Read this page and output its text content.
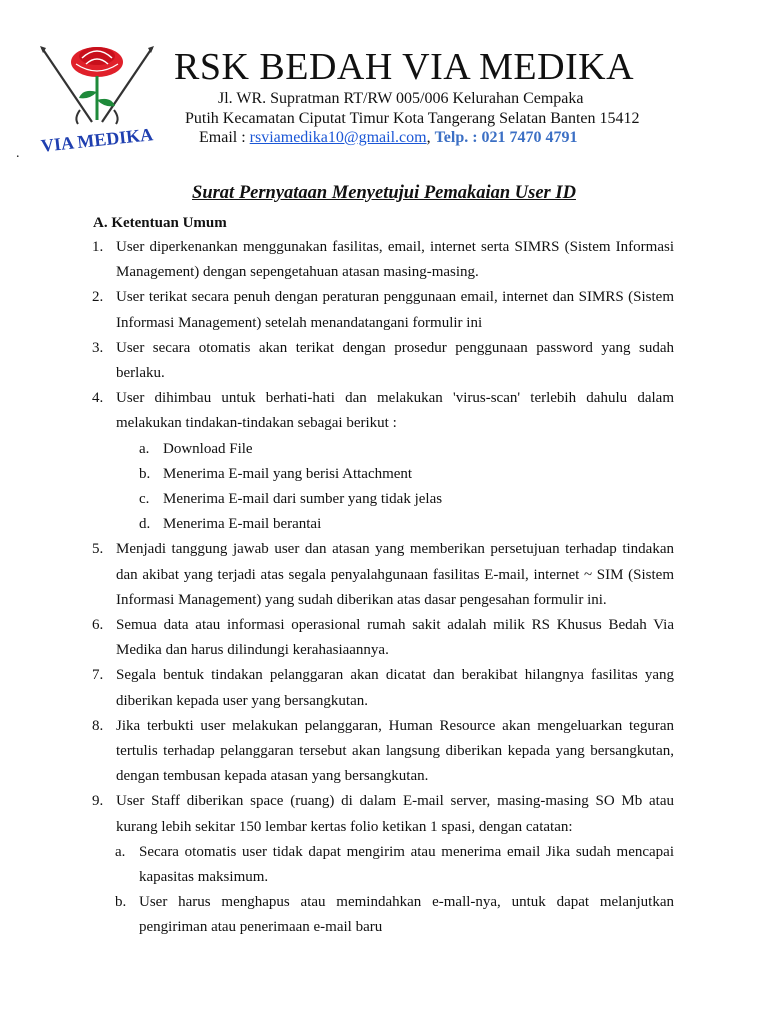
VIA MEDIKA
RSK BEDAH VIA MEDIKA
Jl. WR. Supratman RT/RW 005/006 Kelurahan Cempaka
Putih Kecamatan Ciputat Timur Kota Tangerang Selatan Banten 15412
Email : rsviamedika10@gmail.com, Telp. : 021 7470 4791
.
Surat Pernyataan Menyetujui Pemakaian User ID
A. Ketentuan Umum
1. User diperkenankan menggunakan fasilitas, email, internet serta SIMRS (Sistem Informasi Management) dengan sepengetahuan atasan masing-masing.
2. User terikat secara penuh dengan peraturan penggunaan email, internet dan SIMRS (Sistem Informasi Management) setelah menandatangani formulir ini
3. User secara otomatis akan terikat dengan prosedur penggunaan password yang sudah berlaku.
4. User dihimbau untuk berhati-hati dan melakukan 'virus-scan' terlebih dahulu dalam melakukan tindakan-tindakan sebagai berikut :
a. Download File
b. Menerima E-mail yang berisi Attachment
c. Menerima E-mail dari sumber yang tidak jelas
d. Menerima E-mail berantai
5. Menjadi tanggung jawab user dan atasan yang memberikan persetujuan terhadap tindakan dan akibat yang terjadi atas segala penyalahgunaan fasilitas E-mail, internet ~ SIM (Sistem Informasi Management) yang sudah diberikan atas dasar pengesahan formulir ini.
6. Semua data atau informasi operasional rumah sakit adalah milik RS Khusus Bedah Via Medika dan harus dilindungi kerahasiaannya.
7. Segala bentuk tindakan pelanggaran akan dicatat dan berakibat hilangnya fasilitas yang diberikan kepada user yang bersangkutan.
8. Jika terbukti user melakukan pelanggaran, Human Resource akan mengeluarkan teguran tertulis terhadap pelanggaran tersebut akan langsung diberikan kepada yang bersangkutan, dengan tembusan kepada atasan yang bersangkutan.
9. User Staff diberikan space (ruang) di dalam E-mail server, masing-masing SO Mb atau kurang lebih sekitar 150 lembar kertas folio ketikan 1 spasi, dengan catatan:
a. Secara otomatis user tidak dapat mengirim atau menerima email Jika sudah mencapai kapasitas maksimum.
b. User harus menghapus atau memindahkan e-mall-nya, untuk dapat melanjutkan pengiriman atau penerimaan e-mail baru
